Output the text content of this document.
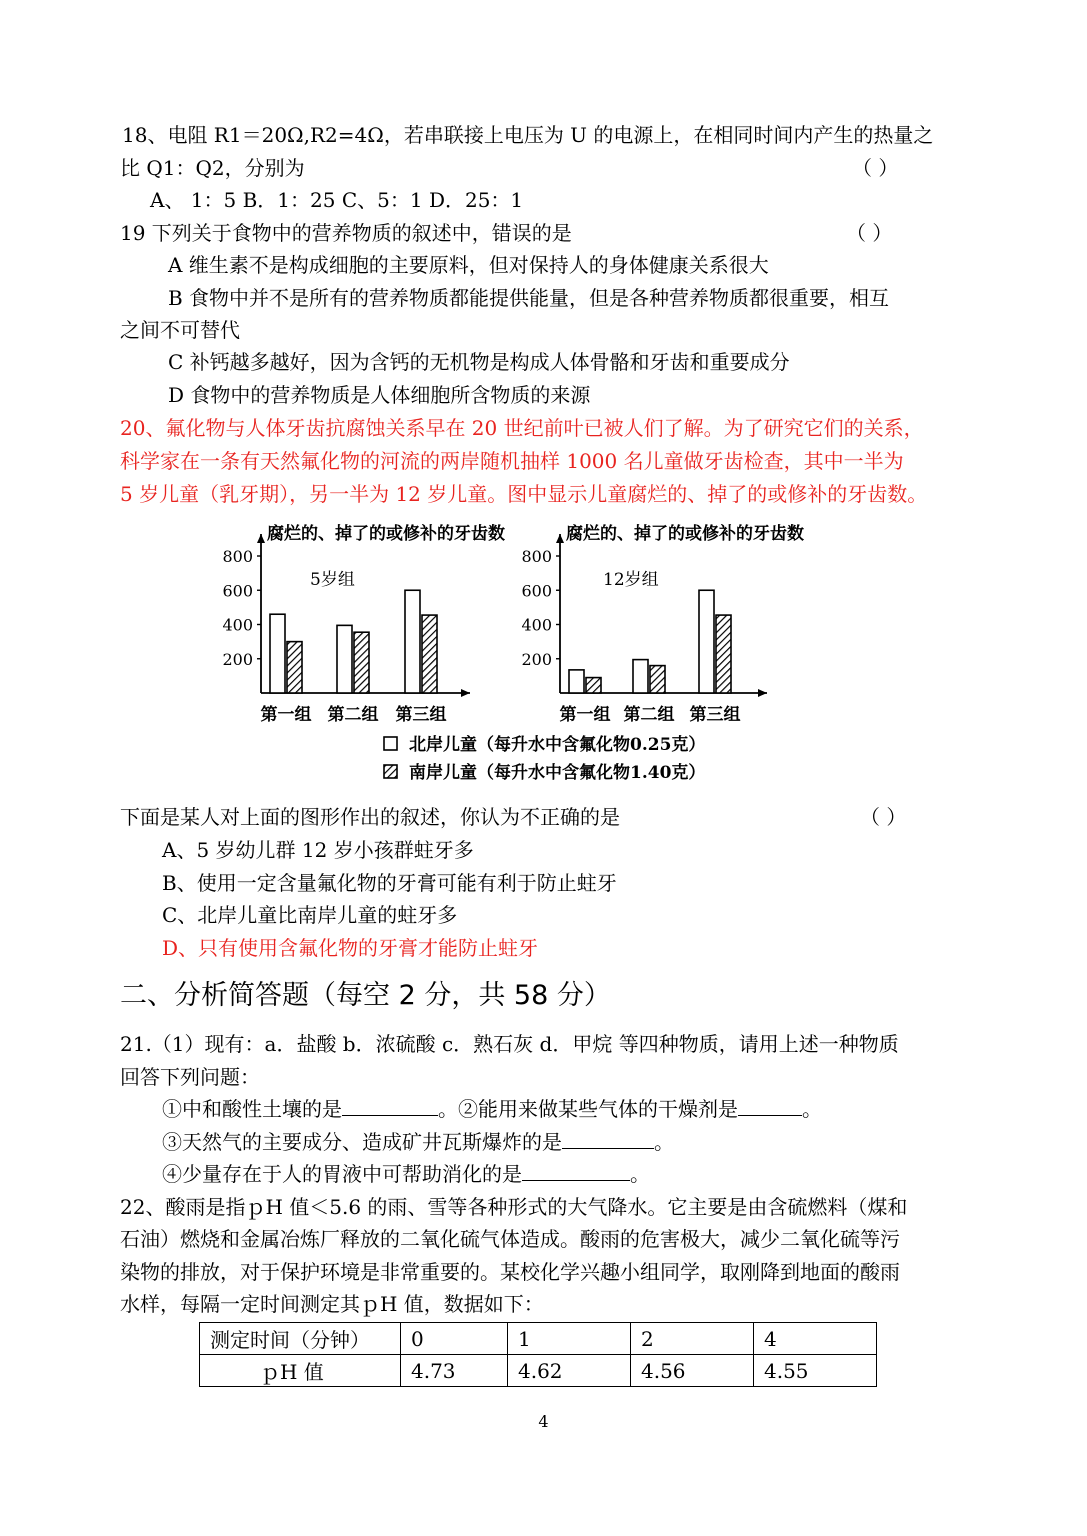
18、电阻 R1＝20Ω,R2=4Ω，若串联接上电压为 U 的电源上，在相同时间内产生的热量之
比 Q1：Q2，分别为	（ ）
A、 1：5 B．1：25 C、5：1 D．25：1
19 下列关于食物中的营养物质的叙述中，错误的是	（ ）
A 维生素不是构成细胞的主要原料，但对保持人的身体健康关系很大
B 食物中并不是所有的营养物质都能提供能量，但是各种营养物质都很重要，相互
之间不可替代
C 补钙越多越好，因为含钙的无机物是构成人体骨骼和牙齿和重要成分
D 食物中的营养物质是人体细胞所含物质的来源
20、氟化物与人体牙齿抗腐蚀关系早在 20 世纪前叶已被人们了解。为了研究它们的关系，
科学家在一条有天然氟化物的河流的两岸随机抽样 1000 名儿童做牙齿检查，其中一半为
5 岁儿童（乳牙期），另一半为 12 岁儿童。图中显示儿童腐烂的、掉了的或修补的牙齿数。
腐烂的、掉了的或修补的牙齿数
200
400
600
800
5岁组
第一组 第二组 第三组
腐烂的、掉了的或修补的牙齿数
200
400
600
800
12岁组
第一组 第二组 第三组
北岸儿童（每升水中含氟化物0.25克）
南岸儿童（每升水中含氟化物1.40克）
下面是某人对上面的图形作出的叙述，你认为不正确的是	（ ）
A、5 岁幼儿群 12 岁小孩群蛀牙多
B、使用一定含量氟化物的牙膏可能有利于防止蛀牙
C、北岸儿童比南岸儿童的蛀牙多
D、只有使用含氟化物的牙膏才能防止蛀牙
二、分析简答题（每空 2 分，共 58 分）
21.（1）现有：a．盐酸 b．浓硫酸 c．熟石灰 d．甲烷 等四种物质，请用上述一种物质
回答下列问题：
①中和酸性土壤的是	。②能用来做某些气体的干燥剂是	。
③天然气的主要成分、造成矿井瓦斯爆炸的是	。
④少量存在于人的胃液中可帮助消化的是	。
22、酸雨是指ｐH 值＜5.6 的雨、雪等各种形式的大气降水。它主要是由含硫燃料（煤和
石油）燃烧和金属冶炼厂释放的二氧化硫气体造成。酸雨的危害极大，减少二氧化硫等污
染物的排放，对于保护环境是非常重要的。某校化学兴趣小组同学，取刚降到地面的酸雨
水样，每隔一定时间测定其ｐH 值，数据如下：
测定时间（分钟）	0	1	2	4
ｐH 值	4.73	4.62	4.56	4.55
4
